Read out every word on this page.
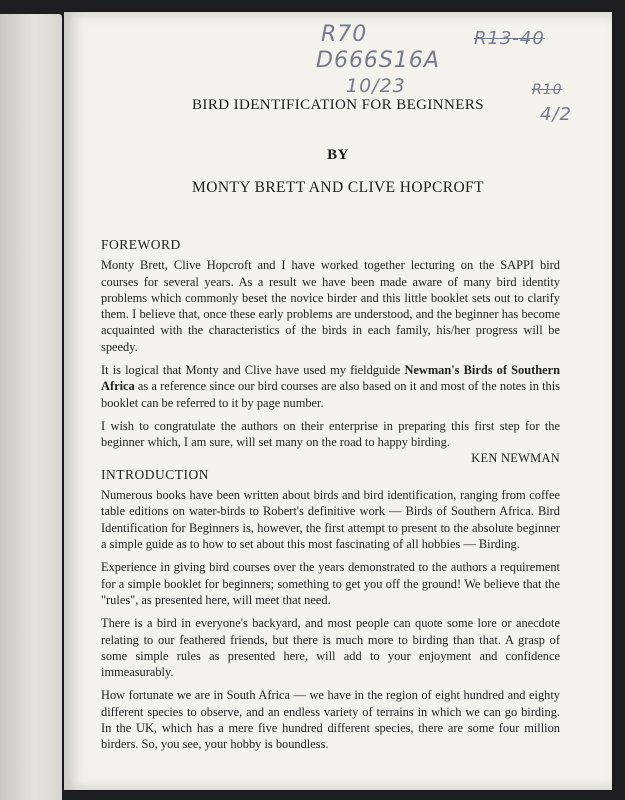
R70
D666S16A
10/23
R13-40
R10
4/2
BIRD IDENTIFICATION FOR BEGINNERS
BY
MONTY BRETT AND CLIVE HOPCROFT
FOREWORD

Monty Brett, Clive Hopcroft and I have worked together lecturing on the SAPPI bird courses for several years. As a result we have been made aware of many bird identity problems which commonly beset the novice birder and this little booklet sets out to clarify them. I believe that, once these early problems are understood, and the beginner has become acquainted with the characteristics of the birds in each family, his/her progress will be speedy.

It is logical that Monty and Clive have used my fieldguide Newman's Birds of Southern Africa as a reference since our bird courses are also based on it and most of the notes in this booklet can be referred to it by page number.

I wish to congratulate the authors on their enterprise in preparing this first step for the beginner which, I am sure, will set many on the road to happy birding.

KEN NEWMAN
INTRODUCTION

Numerous books have been written about birds and bird identification, ranging from coffee table editions on water-birds to Robert's definitive work — Birds of Southern Africa. Bird Identification for Beginners is, however, the first attempt to present to the absolute beginner a simple guide as to how to set about this most fascinating of all hobbies — Birding.

Experience in giving bird courses over the years demonstrated to the authors a requirement for a simple booklet for beginners; something to get you off the ground! We believe that the "rules", as presented here, will meet that need.

There is a bird in everyone's backyard, and most people can quote some lore or anecdote relating to our feathered friends, but there is much more to birding than that. A grasp of some simple rules as presented here, will add to your enjoyment and confidence immeasurably.

How fortunate we are in South Africa — we have in the region of eight hundred and eighty different species to observe, and an endless variety of terrains in which we can go birding. In the UK, which has a mere five hundred different species, there are some four million birders. So, you see, your hobby is boundless.
